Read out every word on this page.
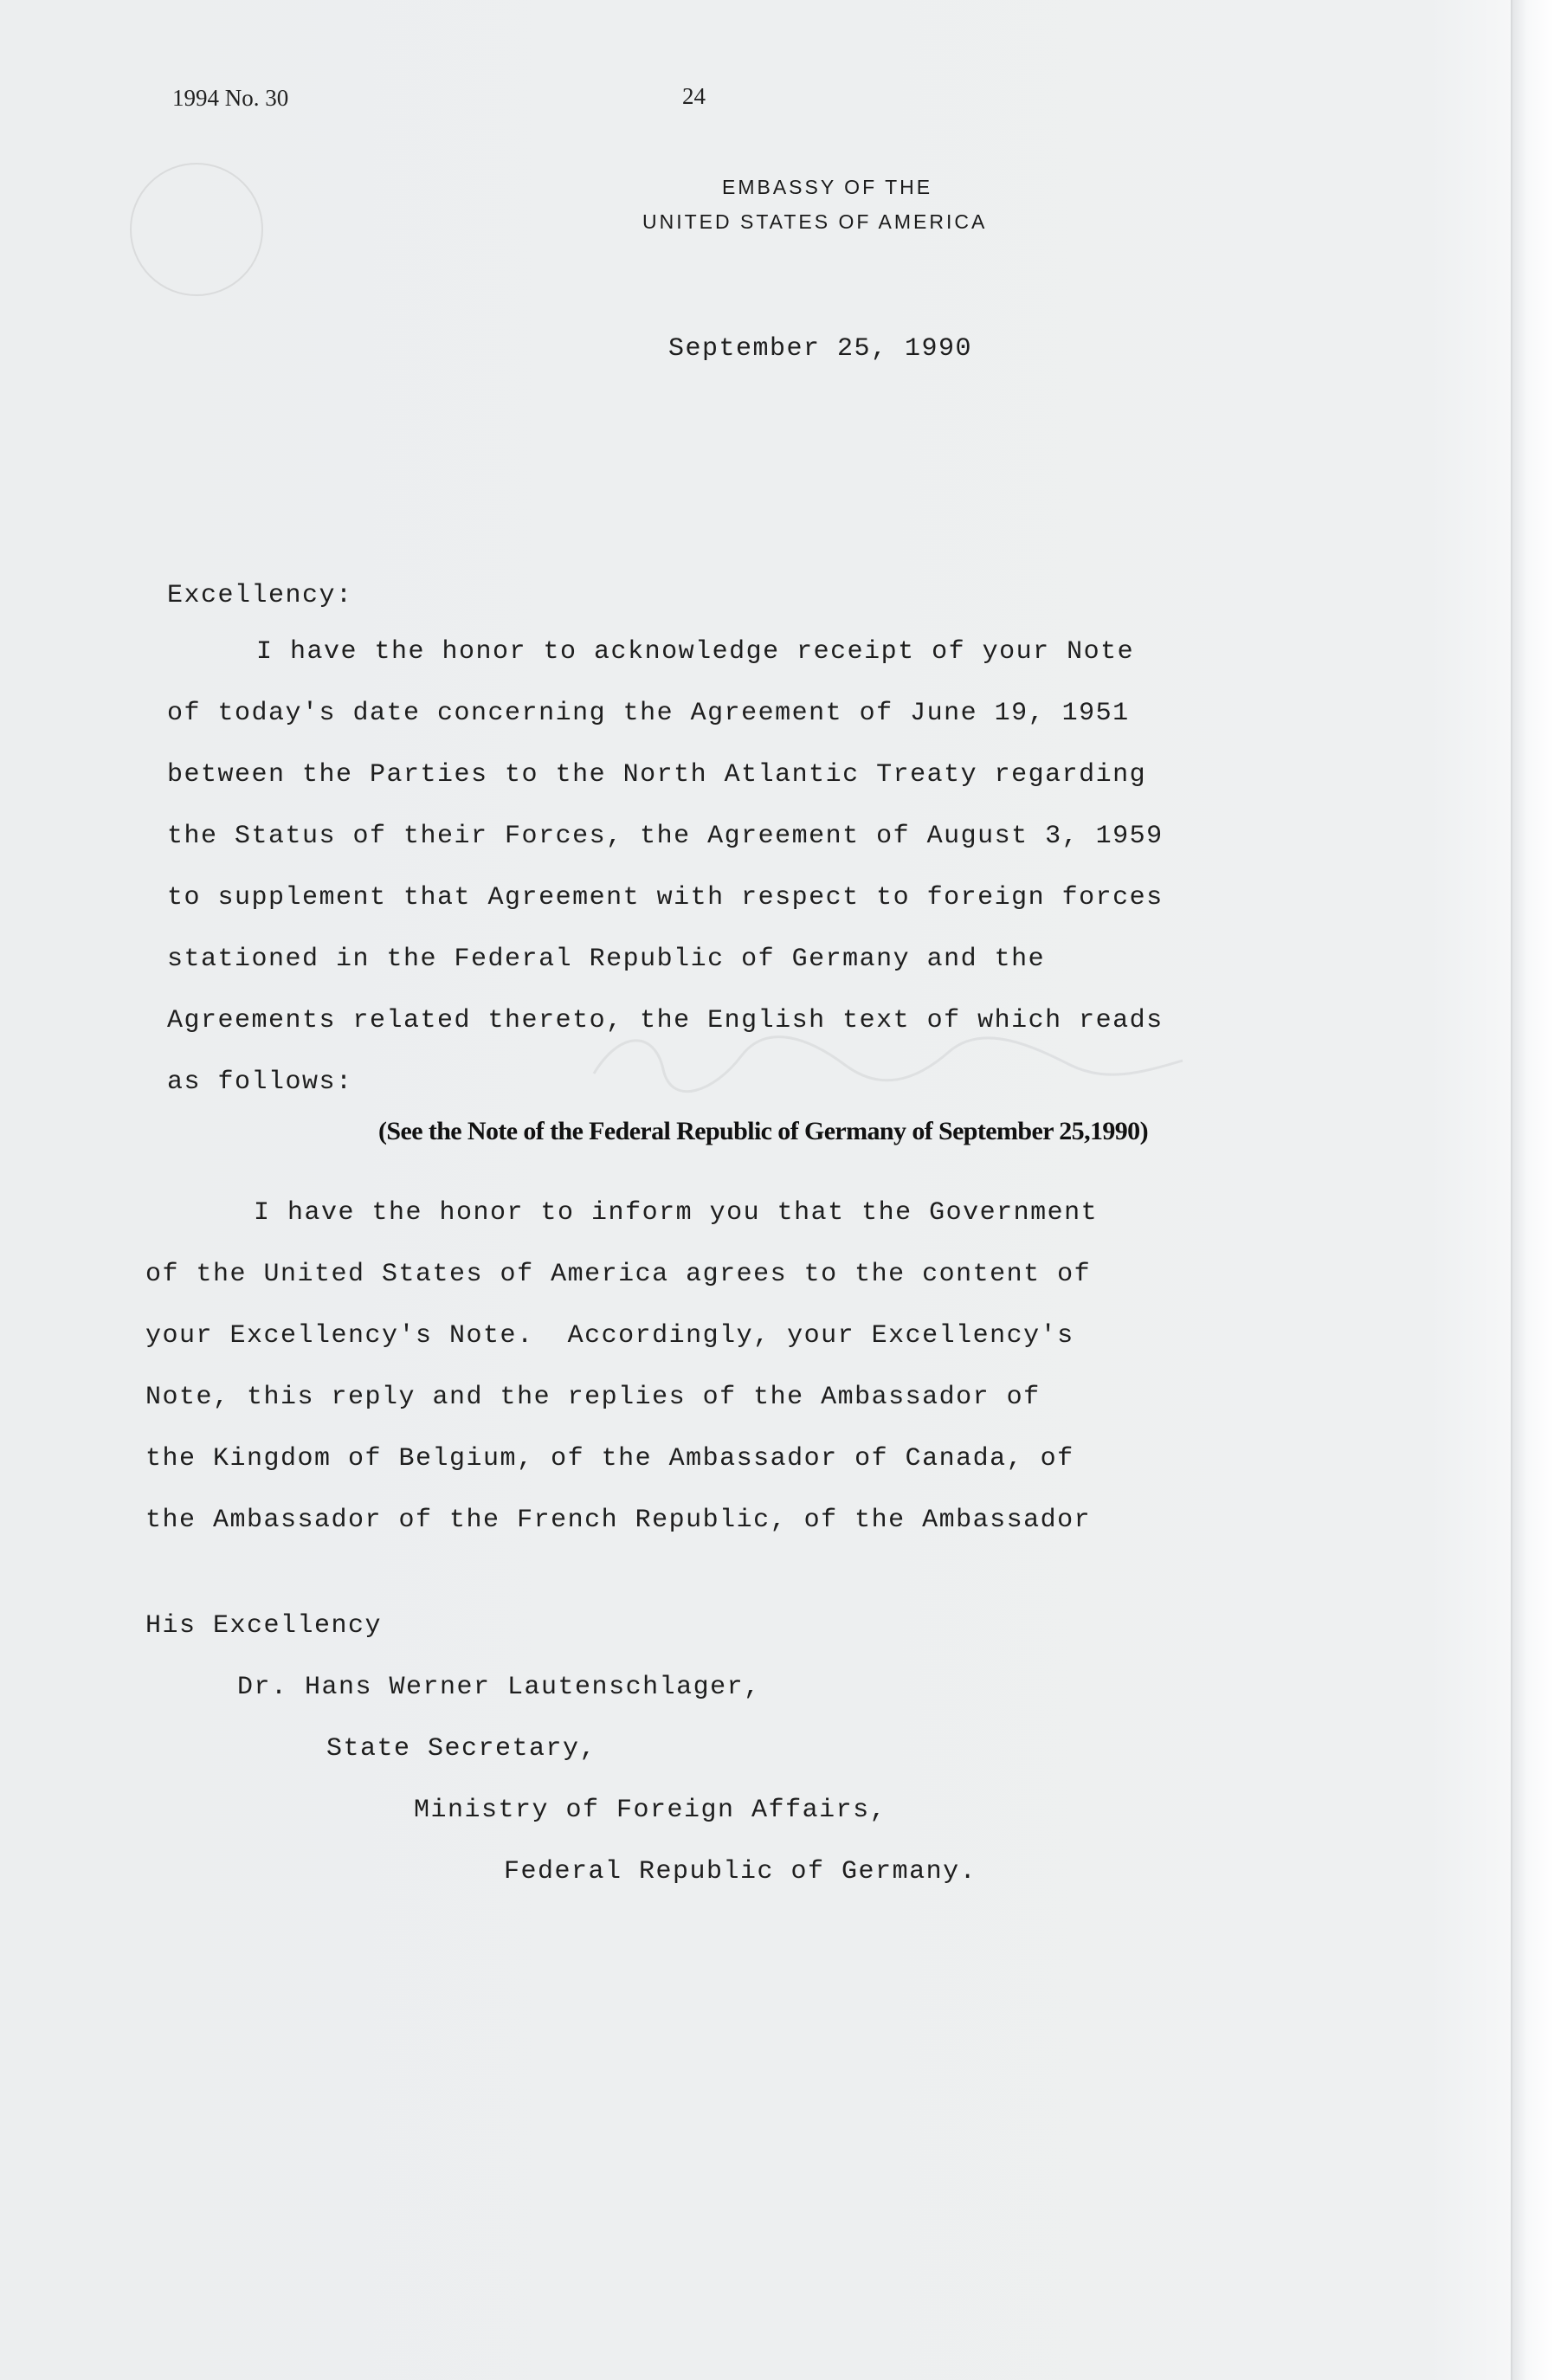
1994 No. 30	24
EMBASSY OF THE
UNITED STATES OF AMERICA
September 25, 1990
Excellency:
I have the honor to acknowledge receipt of your Note
of today's date concerning the Agreement of June 19, 1951
between the Parties to the North Atlantic Treaty regarding
the Status of their Forces, the Agreement of August 3, 1959
to supplement that Agreement with respect to foreign forces
stationed in the Federal Republic of Germany and the
Agreements related thereto, the English text of which reads
as follows:
(See the Note of the Federal Republic of Germany of September 25,1990)
I have the honor to inform you that the Government
of the United States of America agrees to the content of
your Excellency's Note.  Accordingly, your Excellency's
Note, this reply and the replies of the Ambassador of
the Kingdom of Belgium, of the Ambassador of Canada, of
the Ambassador of the French Republic, of the Ambassador
His Excellency
Dr. Hans Werner Lautenschlager,
State Secretary,
Ministry of Foreign Affairs,
Federal Republic of Germany.
